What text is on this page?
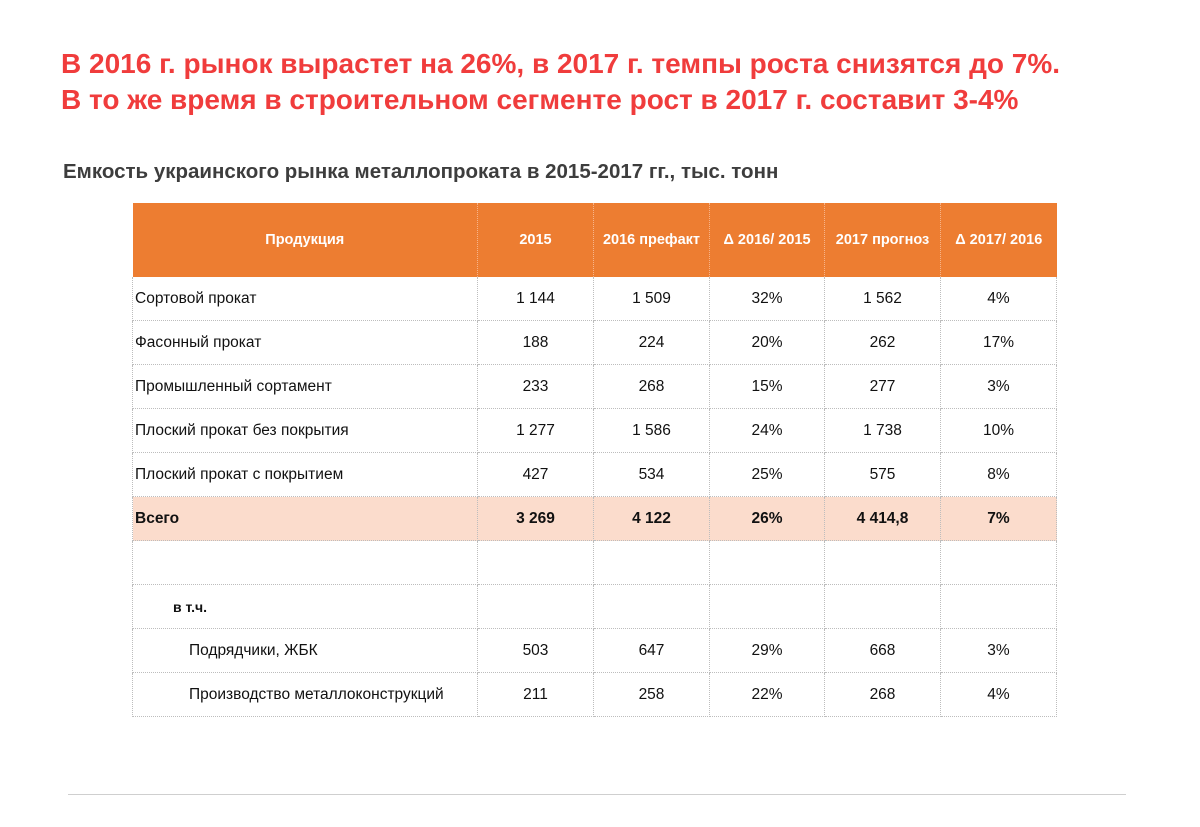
В 2016 г. рынок вырастет на 26%, в 2017 г. темпы роста снизятся до 7%.
В то же время в строительном сегменте рост в 2017 г. составит 3-4%
Емкость украинского рынка металлопроката в 2015-2017 гг., тыс. тонн
Продукция	2015	2016 префакт	Δ 2016/ 2015	2017 прогноз	Δ 2017/ 2016
Сортовой прокат	1 144	1 509	32%	1 562	4%
Фасонный прокат	188	224	20%	262	17%
Промышленный сортамент	233	268	15%	277	3%
Плоский прокат без покрытия	1 277	1 586	24%	1 738	10%
Плоский прокат с покрытием	427	534	25%	575	8%
Всего	3 269	4 122	26%	4 414,8	7%

в т.ч.					
Подрядчики, ЖБК	503	647	29%	668	3%
Производство металлоконструкций	211	258	22%	268	4%
